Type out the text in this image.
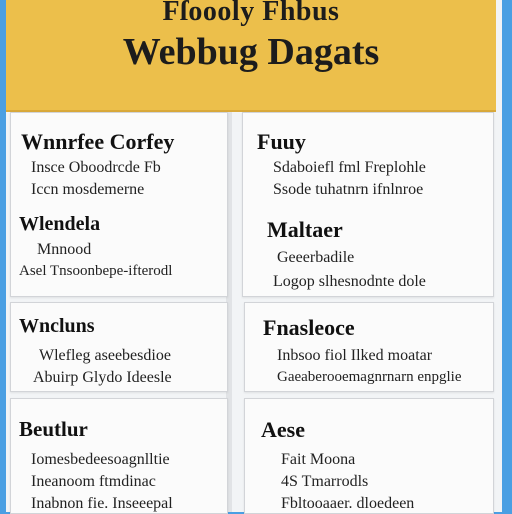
Fſoooly Fhbus
Webbug Dagats
Wnnrfee Corfey
Insce Oboodrcde Fb
Iccn mosdemerne
Wlendela
Mnnood
Asel Tnsoonbepe-ifterodl
Fuuy
Sdaboiefl fml Freplohle
Ssode tuhatnrn ifnlnroe
Maltaer
Geeerbadile
Logop slhesnodnte dole
Wncluns
Wlefleg aseebesdioe
Abuirp Glydo Ideesle
Fnasleoce
Inbsoo fiol Ilked moatar
Gaeaberooemagnrnarn enpglie
Beutlur
Iomesbedeesoagnlltie
Ineanoom ftmdinac
Inabnon fie. Inseeepal
Aese
Fait Moona
4S Tmarrodls
Fbltooaaer. dloedeen
